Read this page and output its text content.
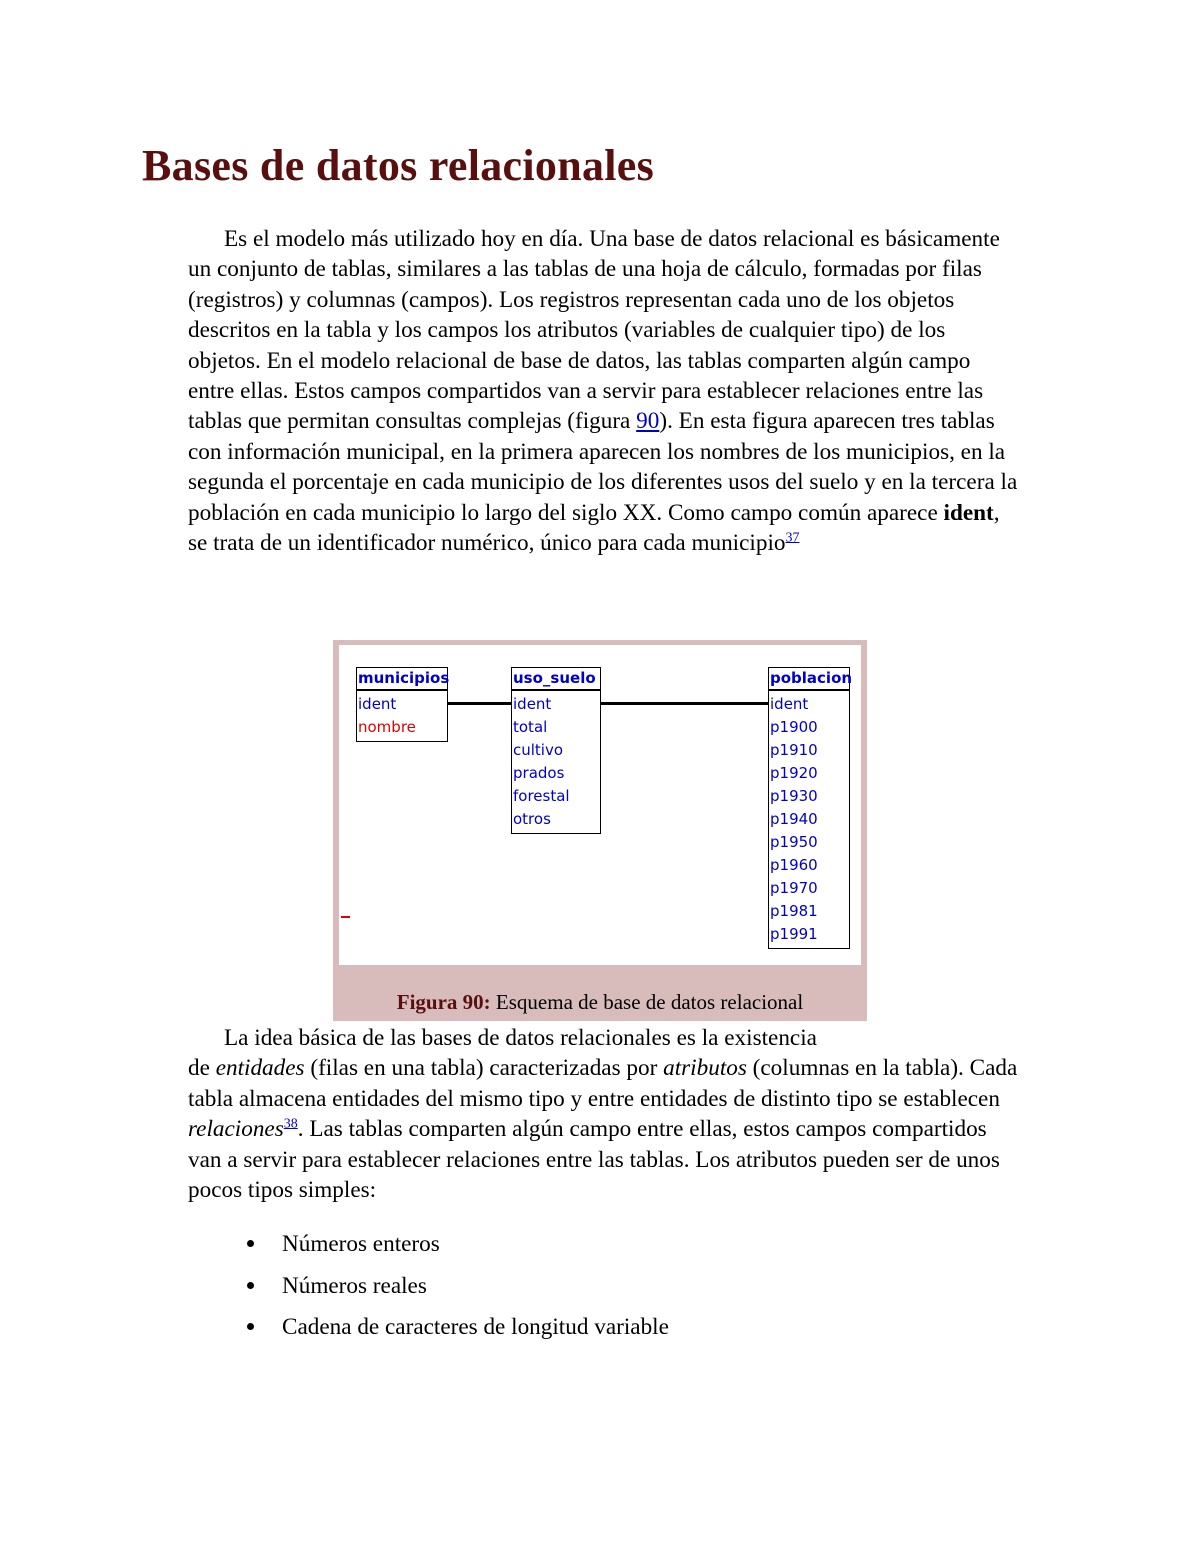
Bases de datos relacionales

Es el modelo más utilizado hoy en día. Una base de datos relacional es básicamente un conjunto de tablas, similares a las tablas de una hoja de cálculo, formadas por filas (registros) y columnas (campos). Los registros representan cada uno de los objetos descritos en la tabla y los campos los atributos (variables de cualquier tipo) de los objetos. En el modelo relacional de base de datos, las tablas comparten algún campo entre ellas. Estos campos compartidos van a servir para establecer relaciones entre las tablas que permitan consultas complejas (figura 90). En esta figura aparecen tres tablas con información municipal, en la primera aparecen los nombres de los municipios, en la segunda el porcentaje en cada municipio de los diferentes usos del suelo y en la tercera la población en cada municipio lo largo del siglo XX. Como campo común aparece ident, se trata de un identificador numérico, único para cada municipio$^{37}$

municipios
ident
nombre
uso_suelo
ident
total
cultivo
prados
forestal
otros
poblacion
ident
p1900
p1910
p1920
p1930
p1940
p1950
p1960
p1970
p1981
p1991
Figura 90: Esquema de base de datos relacional

La idea básica de las bases de datos relacionales es la existencia
de entidades (filas en una tabla) caracterizadas por atributos (columnas en la tabla). Cada tabla almacena entidades del mismo tipo y entre entidades de distinto tipo se establecen relaciones$^{38}$. Las tablas comparten algún campo entre ellas, estos campos compartidos van a servir para establecer relaciones entre las tablas. Los atributos pueden ser de unos pocos tipos simples:

Números enteros
Números reales
Cadena de caracteres de longitud variable
